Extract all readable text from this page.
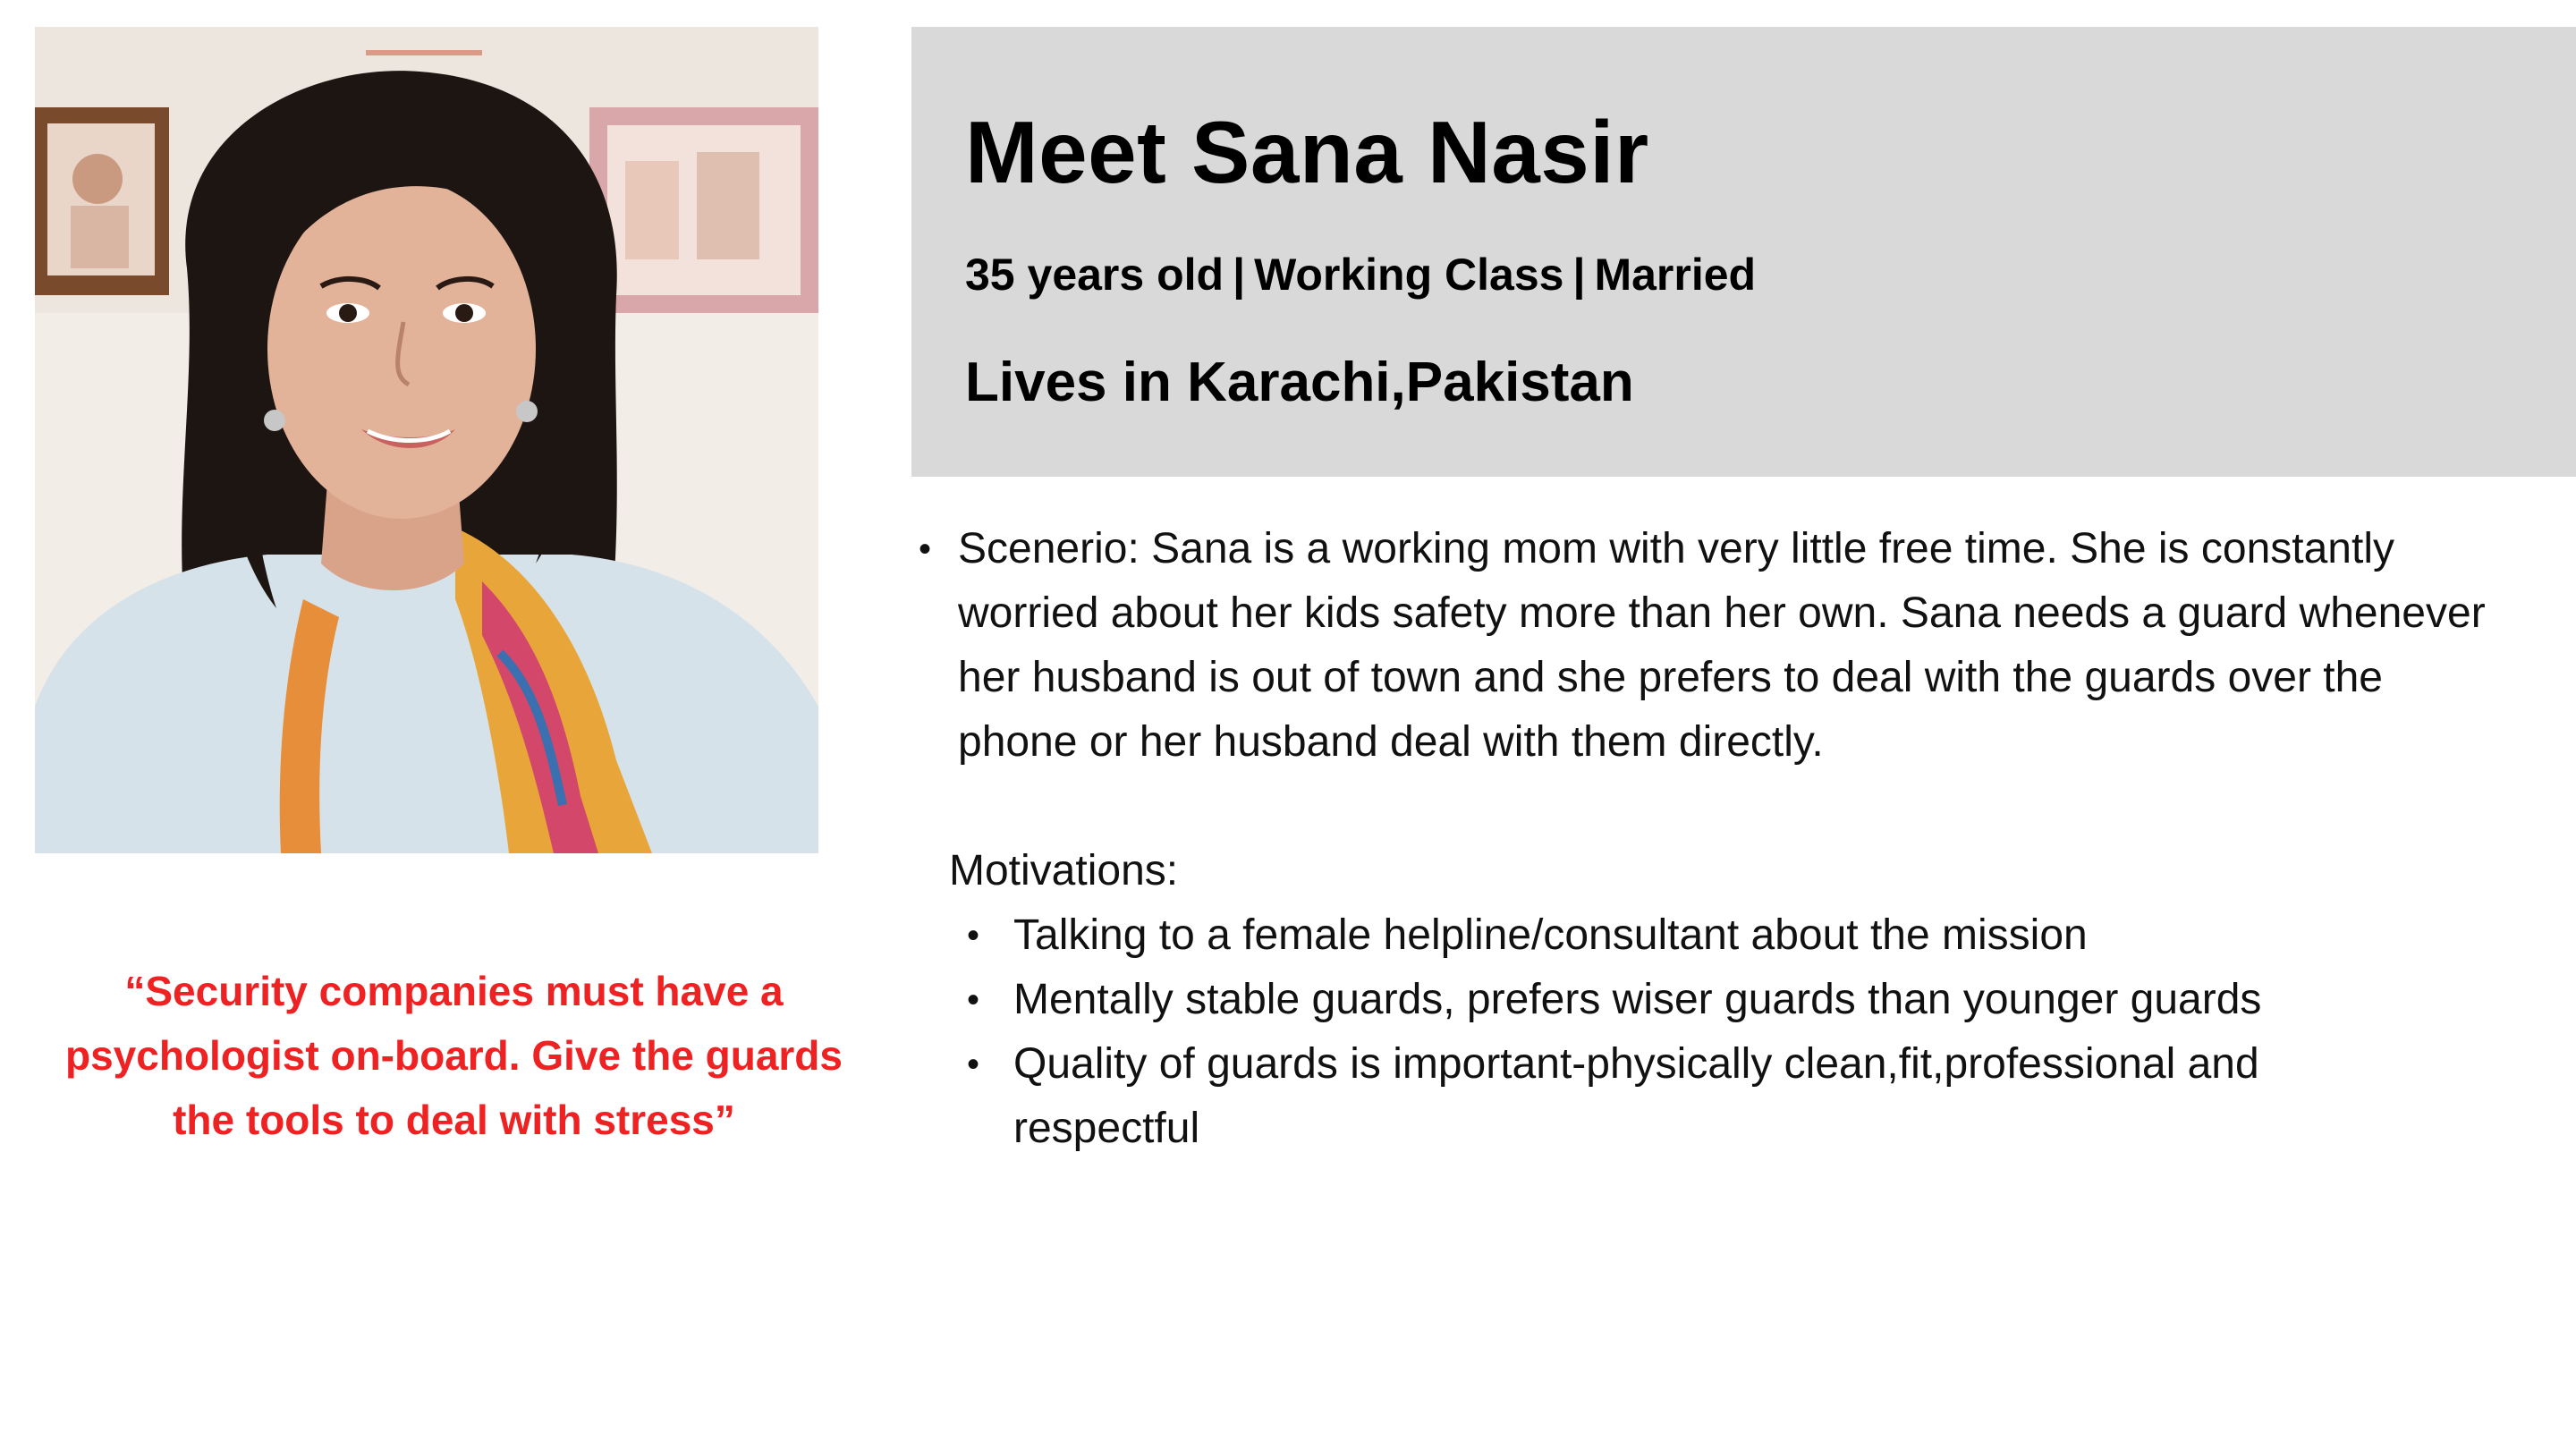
“Security companies must have a psychologist on-board. Give the guards the tools to deal with stress”
Meet Sana Nasir
35 years old | Working Class | Married
Lives in Karachi,Pakistan
• Scenerio: Sana is a working mom with very little free time. She is constantly worried about her kids safety more than her own. Sana needs a guard whenever her husband is out of town and she prefers to deal with the guards over the phone or her husband deal with them directly.
Motivations:
• Talking to a female helpline/consultant about the mission
• Mentally stable guards, prefers wiser guards than younger guards
• Quality of guards is important-physically clean,fit,professional and respectful
